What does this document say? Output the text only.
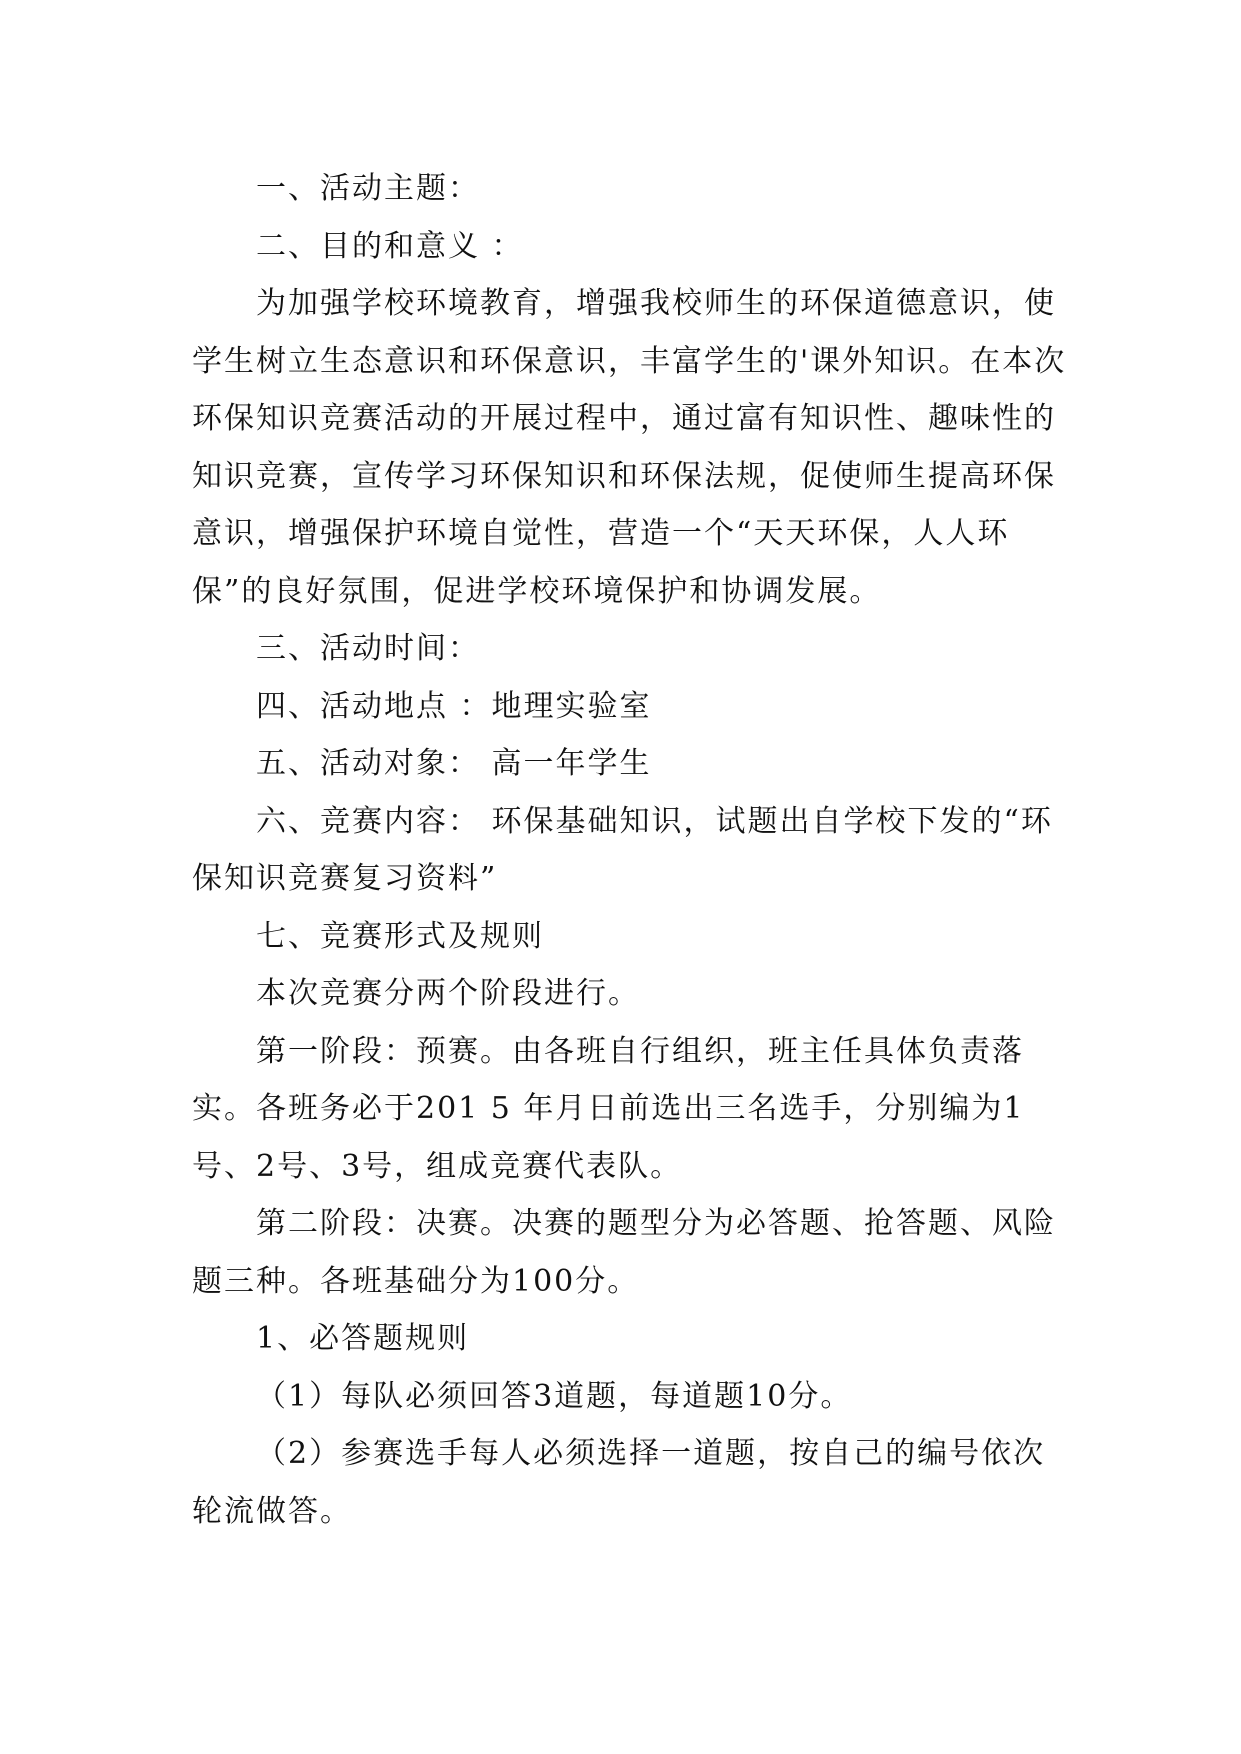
一、活动主题：

二、目的和意义 ：

为加强学校环境教育，增强我校师生的环保道德意识，使学生树立生态意识和环保意识，丰富学生的'课外知识。在本次环保知识竞赛活动的开展过程中，通过富有知识性、趣味性的知识竞赛，宣传学习环保知识和环保法规，促使师生提高环保意识，增强保护环境自觉性，营造一个“天天环保，人人环保”的良好氛围，促进学校环境保护和协调发展。

三、活动时间：

四、活动地点 ：地理实验室

五、活动对象： 高一年学生

六、竞赛内容： 环保基础知识，试题出自学校下发的“环保知识竞赛复习资料”

七、竞赛形式及规则

本次竞赛分两个阶段进行。

第一阶段：预赛。由各班自行组织，班主任具体负责落实。各班务必于201 5 年月日前选出三名选手，分别编为1号、2号、3号，组成竞赛代表队。

第二阶段：决赛。决赛的题型分为必答题、抢答题、风险题三种。各班基础分为100分。

1、必答题规则

（1）每队必须回答3道题，每道题10分。

（2）参赛选手每人必须选择一道题，按自己的编号依次轮流做答。
